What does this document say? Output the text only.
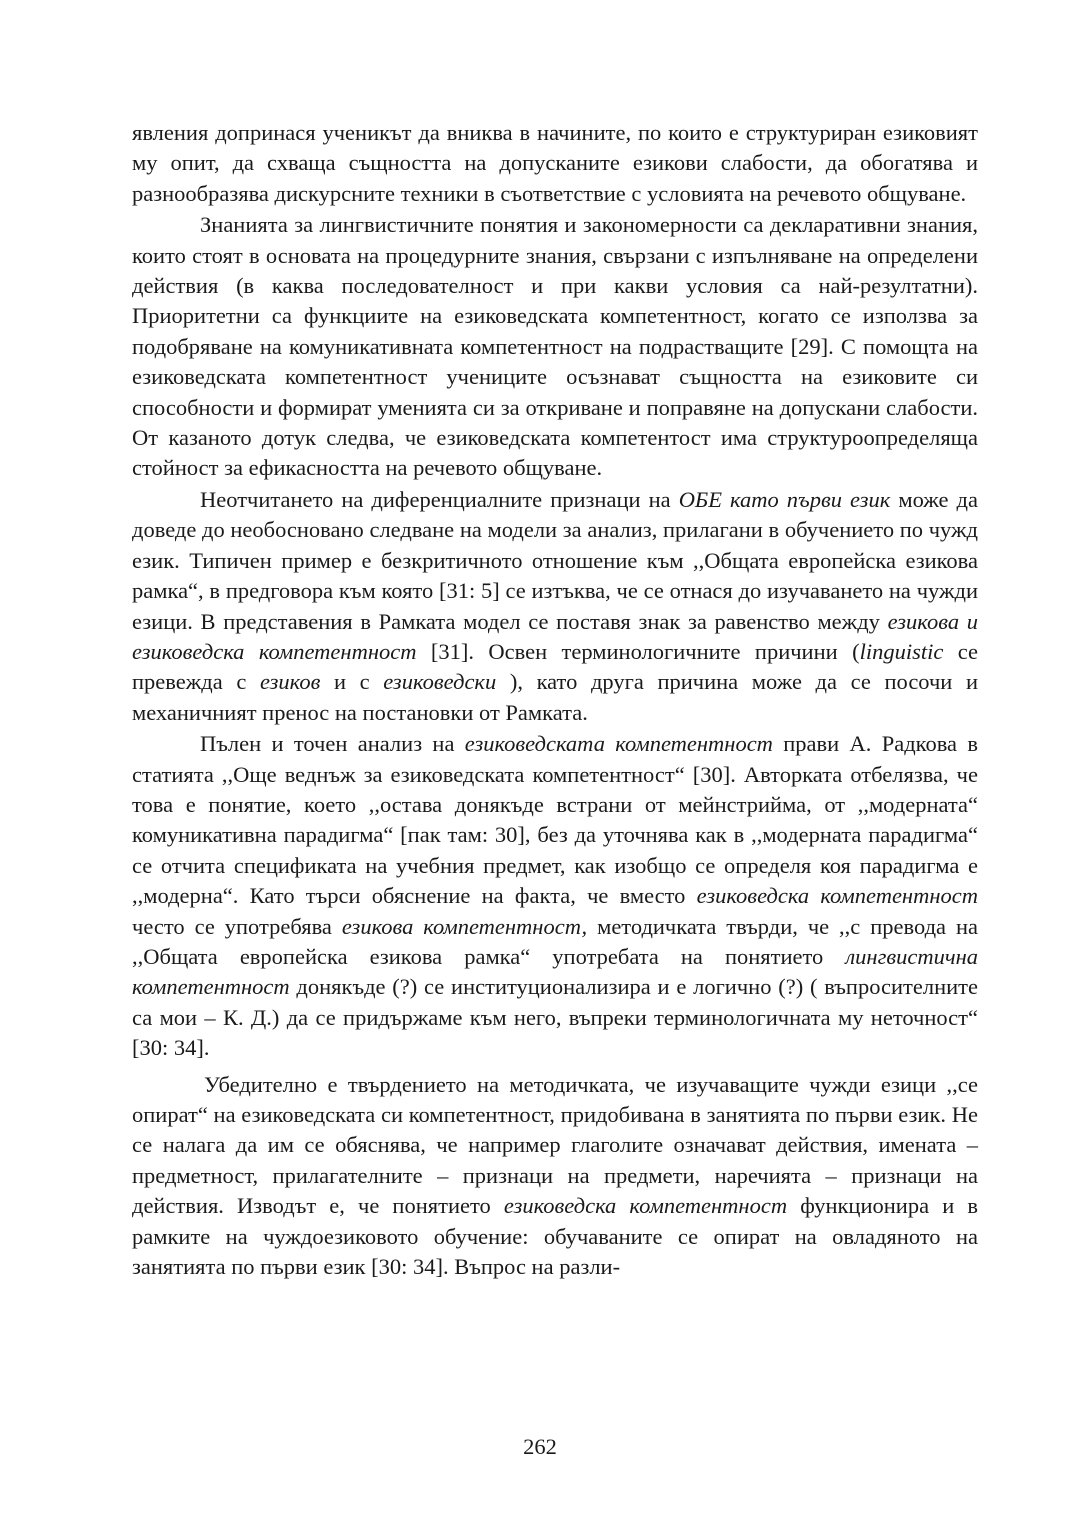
явления допринася ученикът да вниква в начините, по които е структуриран езиковият му опит, да схваща същността на допусканите езикови слабости, да обогатява и разнообразява дискурсните техники в съответствие с условията на речевото общуване.

Знанията за лингвистичните понятия и закономерности са декларативни знания, които стоят в основата на процедурните знания, свързани с изпълняване на определени действия (в каква последователност и при какви условия са най-резултатни). Приоритетни са функциите на езиковедската компетентност, когато се използва за подобряване на комуникативната компетентност на подрастващите [29]. С помощта на езиковедската компетентност учениците осъзнават същността на езиковите си способности и формират уменията си за откриване и поправяне на допускани слабости. От казаното дотук следва, че езиковедската компетентост има структуроопределяща стойност за ефикасността на речевото общуване.

Неотчитането на диференциалните признаци на ОБЕ като първи език може да доведе до необосновано следване на модели за анализ, прилагани в обучението по чужд език. Типичен пример е безкритичното отношение към ,,Общата европейска езикова рамка“, в предговора към която [31: 5] се изтъква, че се отнася до изучаването на чужди езици. В представения в Рамката модел се поставя знак за равенство между езикова и езиковедска компетентност [31]. Освен терминологичните причини (linguistic се превежда с езиков и с езиковедски ), като друга причина може да се посочи и механичният пренос на постановки от Рамката.

Пълен и точен анализ на езиковедската компетентност прави А. Радкова в статията ,,Още веднъж за езиковедската компетентност“ [30]. Авторката отбелязва, че това е понятие, което ,,остава донякъде встрани от мейнстрийма, от ,,модерната“ комуникативна парадигма“ [пак там: 30], без да уточнява как в ,,модерната парадигма“ се отчита спецификата на учебния предмет, как изобщо се определя коя парадигма е ,,модерна“. Като търси обяснение на факта, че вместо езиковедска компетентност често се употребява езикова компетентност, методичката твърди, че ,,с превода на ,,Общата европейска езикова рамка“ употребата на понятието лингвистична компетентност донякъде (?) се институционализира и е логично (?) ( въпросителните са мои – К. Д.) да се придържаме към него, въпреки терминологичната му неточност“ [30: 34].

Убедително е твърдението на методичката, че изучаващите чужди езици ,,се опират“ на езиковедската си компетентност, придобивана в занятията по първи език. Не се налага да им се обяснява, че например глаголите означават действия, имената – предметност, прилагателните – признаци на предмети, наречията – признаци на действия. Изводът е, че понятието езиковедска компетентност функционира и в рамките на чуждоезиковото обучение: обучаваните се опират на овладяното на занятията по първи език [30: 34]. Въпрос на разли-

262
